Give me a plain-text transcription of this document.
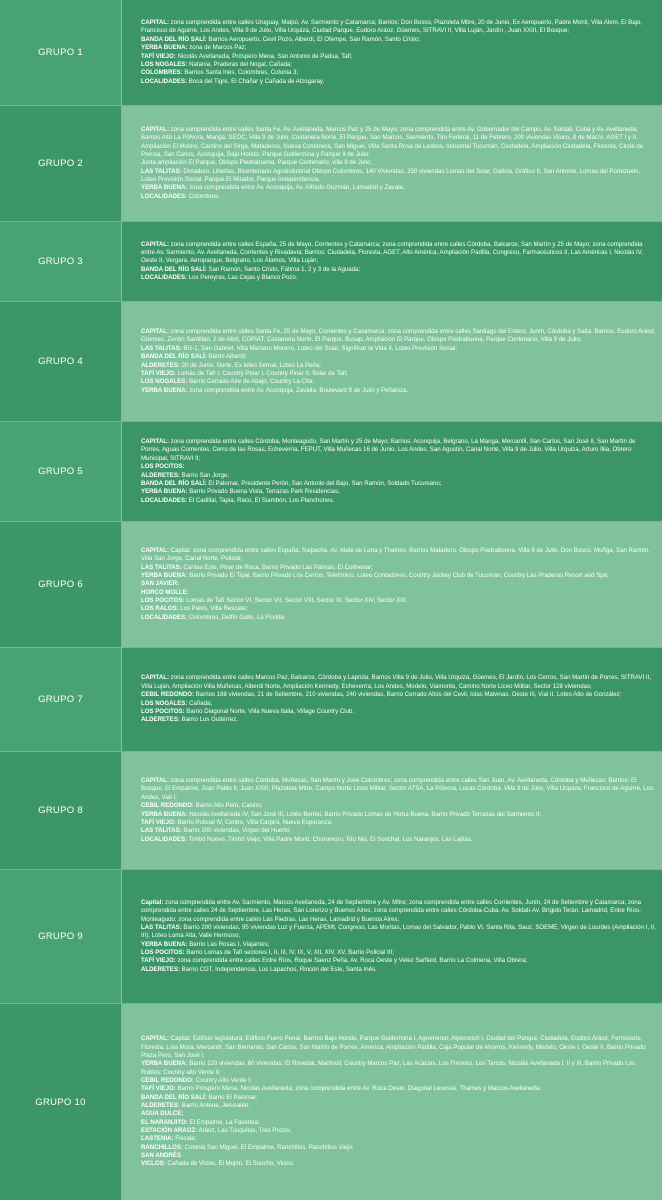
GRUPO 1

CAPITAL: zona comprendida entre calles Uruguay, Maipú, Av. Sarmiento y Catamarca; Barrios: Don Bosco, Plazoleta Mitre, 20 de Junio, Ex Aeropuerto, Padre Monti, Villa Alem, El Bajo, Francisco de Aguirre, Los Andes, Villa 9 de Julio, Villa Urquiza, Ciudad Parque, Eudoro Aráoz, Güemes, SITRAVI II, Villa Luján, Jardín , Juan XXIII, El Bosque;

BANDA DEL RÍO SALÍ: Barrios Aeropuerto, Cevil Pozo, Alberdi, El Ofempe, San Ramón, Santo Cristo;

YERBA BUENA: zona de Marcos Paz;

TAFÍ VIEJO: Nicolás Avellaneda, Próspero Mena, San Antonio de Padua, Tafí;

LOS NOGALES: Natania, Praderas del Nogal, Cañada;

COLOMBRES: Barrios Santa Inés, Colombres, Colonia 3;

LOCALIDADES: Boca del Tigre, El Chañar y Cañada de Alzogaray.

GRUPO 2

CAPITAL: zona comprendida entre calles Santa Fe, Av. Avellaneda, Marcos Paz y 25 de Mayo; zona comprendida entre Av. Gobernador del Campo, Av. Soldati, Cuba y Av. Avellaneda; Barrios Alto La Pólvora, Manga, SEOC, Villa 9 de Julio, Costanera Norte, El Parque, San Marcos, Sarmiento, Tiro Federal, 11 de Febrero, 200 viviendas Viluco, 8 de Marzo, AGET I y II, Ampliación El Molino, Camino del Sirga, Mataderos, Nueva Costanera, San Miguel, Villa Santa Rosa de Lesbos, Industrial Tucumán, Ciudadela, Ampliación Ciudadela, Floresta, Circle de Prensa, San Carlos, Aconquija, Bajo Hondo, Parque Guillermina y Parque 9 de Julio;

Junta ampliación El Parque, Obispo Piedrabuena, Parque Centenario, villa 9 de Julio;

LAS TALITAS: Diviadero, Libertas, Bicentenario Agroindustrial Obispo Colombres, 140 Viviendas, 250 viviendas Lomas del Solar, Galicia, Gráfico II, San Antonio, Lomas del Portezuelo, Loteo Previsión Social, Parque El Mirador, Parque Independencia;

YERBA BUENA: zona comprendida entre Av. Aconquija, Av. Alfredo Guzmán, Lamadrid y Zavala;

LOCALIDADES: Colombres.

GRUPO 3

CAPITAL: zona comprendida entre calles España, 25 de Mayo, Corrientes y Catamarca; zona comprendida entre calles Córdoba, Balcarce, San Martín y 25 de Mayo; zona comprendida entre Av. Sarmiento, Av. Avellaneda, Corrientes y Rivadavia; Barrios: Ciudadela, Floresta, AGET, Alto América, Ampliación Padilla, Congreso, Farmacéuticos II, Las Américas I, Nicolás IV, Oeste II, Vergara, Aeroparque, Belgrano, Los Álamos, Villa Luján;

BANDA DEL RÍO SALÍ: San Ramón, Santo Cristo, Fátima 1, 2 y 3 de la Aguada;

LOCALIDADES: Los Pereyras, Las Cejas y Blanco Pozo.

GRUPO 4

CAPITAL: zona comprendida entre calles Santa Fe, 25 de Mayo, Corrientes y Casamarca; zona comprendida entre calles Santiago del Estero, Junín, Córdoba y Salta; Barrios: Eudoro Aráoz, Güemes, Zenón Santillán, 2 de Abril, COPIAT, Costanera Norte, El Parque, Busap, Ampliación El Parque, Obispo Piedrabuena, Parque Centenario, Villa 9 de Julio;

LAS TALITAS: BG-1, San Gabriel, Villa Mariano Moreno, Loteo del Solar, Significar la Vida II, Loteo Previsión Social;

BANDA DEL RÍO SALÍ: Barrio Alberdi;

ALDERETES: 20 de Junio, Norte, Ex loteo Sernal, Loteo La Perla;

TAFÍ VIEJO: Lomas de Tafí I, Country Pinar I, Country Pinar II, Solar de Tafí;

LOS NOGALES: Barrio Cerrado Aire de Abajo, Country La Cita;

YERBA BUENA: zona comprendida entre Av. Aconquija, Zavalía, Boulevard 9 de Julio y Peñaloza.

GRUPO 5

CAPITAL: zona comprendida entre calles Córdoba, Monteagudo, San Martín y 25 de Mayo; Barrios: Aconquija, Belgrano, La Manga, Mercantil, San Carlos, San José II, San Martín de Porres, Aguas Corrientes, Cerro de las Rosas, Echeverría, FEPUT, Villa Muñecas 16 de Junio, Los Andes, San Agustín, Canal Norte, Villa 9 de Julio, Villa Urquiza, Arturo Illia, Obrero Municipal, SITRAVI II;

LOS POCITOS:

ALDERETES: Barrio San Jorge;

BANDA DEL RÍO SALÍ: El Palomar, Presidente Perón, San Antonio del Bajo, San Ramón, Soldado Tucumano;

YERBA BUENA: Barrio Privado Buena Vista, Terrazas Park Residencias;

LOCALIDADES: El Cadillal, Tapia, Raco, El Siambón, Los Planchones.

GRUPO 6

CAPITAL: Capital: zona comprendida entre calles España, Suipacha, Av. Mate de Luna y Thames, Barrios Matadero, Obispo Piedrabuena, Villa 9 de Julio, Don Bosco, Muñga, San Ramón, Villa San Jorge, Canal Norte, Policial;

LAS TALITAS: Cantas Este, Pinar de Roca, Barrio Privado Las Palmas, El Colmenar;

YERBA BUENA: Barrio Privado El Tipal, Barrio Privado Los Cerros, Telefónico, Loteo Contadores, Country Jockey Club de Tucumán, Country Las Praderas Resort and Spa;

SAN JAVIER:

HORCO MOLLE:

LOS POCITOS: Lomas de Tafí Sector VI, Sector VII, Sector VIII, Sector XI, Sector XIV, Sector XIII;

LOS RALOS: Los Palos, Villa Rescate;

LOCALIDADES: Colombres, Delfín Gallo, La Florida.

GRUPO 7

CAPITAL: zona comprendida entre calles Marcos Paz, Balcarce, Córdoba y Laprida, Barrios Villa 9 de Julio, Villa Urquiza, Güemes, El Jardín, Los Cerros, San Martín de Porres, SITRAVI II, Villa Luján, Ampliación Villa Muñecas, Alberdi Norte, Ampliación Kennedy, Echeverría, Los Andes, Modelo, Viamonte, Camino Norte Liceo Militar, Sector 128 viviendas;

CEBIL REDONDO: Barrios 188 viviendas, 21 de Setiembre, 210 viviendas, 240 viviendas, Barrio Cerrado Altos del Cevil, Islas Malvinas, Oeste III, Vial II, Loteo Alto de González;

LOS NOGALES: Cañada;

LOS POCITOS: Barrio Diagonal Norte, Villa Nueva Italia, Village Country Club.

ALDERETES: Barrio Los Gutiérrez.

GRUPO 8

CAPITAL: zona comprendida entre calles Córdoba, Muñecas, San Martín y José Colombres; zona comprendida entre calles San Juan, Av. Avellaneda, Córdoba y Muñecas; Barrios: El Bosque, El Empalme, Juan Pablo II, Juan XXIII, Plazoleta Mitre, Campo Norte Liceo Militar, Sector ATSA, La Pólvora, Lucas Córdoba, Villa 9 de Julio, Villa Urquiza, Francisco de Aguirre, Los Andes, Vial I;

CEBIL REDONDO: Barrio Alto Perú, Casino;

YERBA BUENA: Nicolás Avellaneda IV, San José III, Lotéo Bernei, Barrio Privado Lomas de Yerba Buena, Barrio Privado Terrazas del Sarmiento II;

TAFÍ VIEJO: Barrio Policial IV, Centro, Villa Carpini, Nueva Esperanza;

LAS TALITAS: Barrio 200 viviendas, Virgen del Huerto;

LOCALIDADES: Timbó Nuevo, Timbó Viejo, Villa Padre Monti, Choromoro, Río Nio, El Sunchal, Los Naranjos, Las Lajitas.

GRUPO 9

Capital: zona comprendida entre Av. Sarmiento, Marcos Avellaneda, 24 de Septiembre y Av. Mitre; zona comprendida entre calles Corrientes, Junín, 24 de Setiembre y Catamarca; zona comprendida entre calles 24 de Septiembre, Las Heras, San Lorenzo y Buenos Aires; zona comprendida entre calles Córdoba-Cuba, Av. Soldati-Av. Brígido Terán, Lamadrid, Entre Ríos-Monteagudo; zona comprendida entre calles Las Piedras, Las Heras, Lamadrid y Buenos Aires;

LAS TALITAS: Barrio 200 viviendas, 95 viviendas Luz y Fuerza, APEMI, Congreso, Las Moritas, Lomas del Salvador, Pablo VI, Santa Rita, Sauz, SOEME, Virgen de Lourdes (Ampliación I, II, III), Loteo Loma Alta, Valle Hermoso;

YERBA BUENA: Barrio Las Rosas I, Viajantes;

LOS POCITOS: Barrio Lomas de Tafí sectores I, II, III, IV, IX, V, XII, XIV, XV, Barrio Policial III;

TAFÍ VIEJO: zona comprendida entre calles Entre Ríos, Roque Saenz Peña, Av. Roca Oeste y Velez Sarfield, Barrio La Colmena, Villa Obrera;

ALDERETES: Barrio CGT, Independencia, Los Lapachos, Rincón del Este, Santa Inés.

GRUPO 10

CAPITAL: Capital: Edificio legislatura; Edificio Fuero Penal, Barrios Bajo Hondo, Parque Guillermina I, Agremenor, Alperovich I, Ciudad del Parque, Ciudadela, Eudoro Aráoz, Ferroviario, Floresta, Lola Mora, Mercantil, San Bernardo, San Carlos, San Martín de Porres, America, Ampliación Padilla, Caja Popular de Ahorros, Kennedy, Modelo, Oeste I, Oeste II, Barrio Privado Plaza Perú, San José I;

YERBA BUENA: Barrio 120 viviendas, 60 viviendas, El Rosedal, Martinoli, Country Marcos Paz, Las Acacias, Los Fresnos, Los Tarcos, Nicolás Avellaneda I, II y III, Barrio Privado Los Robles; Country alto Verde II;

CEBIL REDONDO: Country Alto Verde I;

TAFÍ VIEJO: Barrio Próspero Mena, Nicolás Avellaneda; zona comprendida entre Av. Roca Oeste, Diagonal Lecesse, Thames y Marcos Avellaneda;

BANDA DEL RÍO SALÍ: Barrio El Palomar;

ALDERETES: Barrio Antena, Jerusalén;

AGUA DULCE;

EL NARANJITO: El Empalme, La Favorina;

ESTACIÓN ARAOZ: Aráoz, Las Tusquitas, Tres Pozos;

LASTENIA: Fiscala;

RANCHILLOS: Colonia San Miguel, El Empalme, Ranchillos, Ranchillos Viejo;

SAN ANDRÉS

VICLOS: Cañada de Viclos, El Mojón, El Suncho, Viclos.
